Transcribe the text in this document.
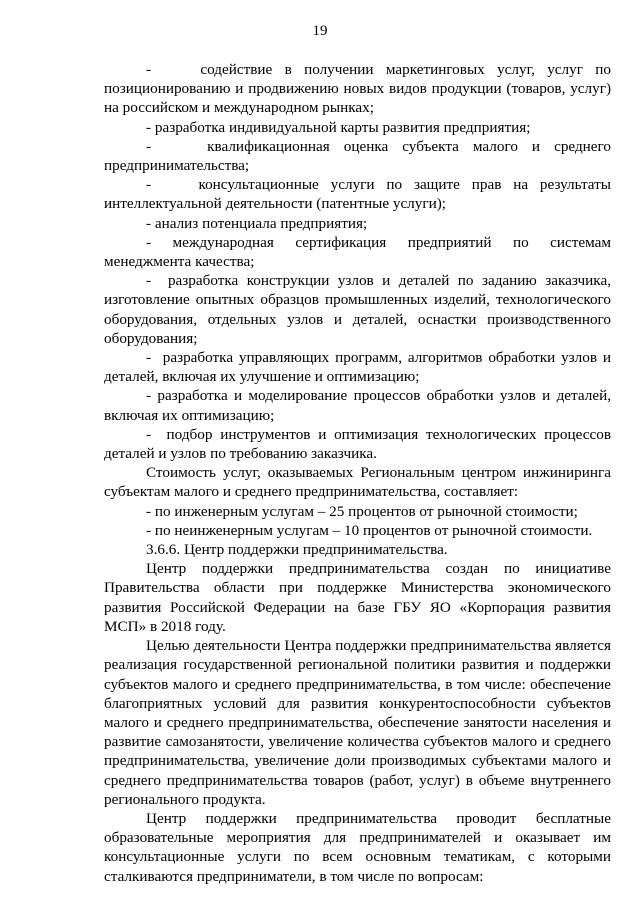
19

-    содействие в получении маркетинговых услуг, услуг по позиционированию и продвижению новых видов продукции (товаров, услуг) на российском и международном рынках;

- разработка индивидуальной карты развития предприятия;

-    квалификационная оценка субъекта малого и среднего предпринимательства;

-    консультационные услуги по защите прав на результаты интеллектуальной деятельности (патентные услуги);

- анализ потенциала предприятия;

- международная сертификация предприятий по системам менеджмента качества;

-  разработка конструкции узлов и деталей по заданию заказчика, изготовление опытных образцов промышленных изделий, технологического оборудования, отдельных узлов и деталей, оснастки производственного оборудования;

-  разработка управляющих программ, алгоритмов обработки узлов и деталей, включая их улучшение и оптимизацию;

- разработка и моделирование процессов обработки узлов и деталей, включая их оптимизацию;

-  подбор инструментов и оптимизация технологических процессов деталей и узлов по требованию заказчика.

Стоимость услуг, оказываемых Региональным центром инжиниринга субъектам малого и среднего предпринимательства, составляет:

- по инженерным услугам – 25 процентов от рыночной стоимости;

- по неинженерным услугам – 10 процентов от рыночной стоимости.

3.6.6. Центр поддержки предпринимательства.

Центр поддержки предпринимательства создан по инициативе Правительства области при поддержке Министерства экономического развития Российской Федерации на базе ГБУ ЯО «Корпорация развития МСП» в 2018 году.

Целью деятельности Центра поддержки предпринимательства является реализация государственной региональной политики развития и поддержки субъектов малого и среднего предпринимательства, в том числе: обеспечение благоприятных условий для развития конкурентоспособности субъектов малого и среднего предпринимательства, обеспечение занятости населения и развитие самозанятости, увеличение количества субъектов малого и среднего предпринимательства, увеличение доли производимых субъектами малого и среднего предпринимательства товаров (работ, услуг) в объеме внутреннего регионального продукта.

Центр поддержки предпринимательства проводит бесплатные образовательные мероприятия для предпринимателей и оказывает им консультационные услуги по всем основным тематикам, с которыми сталкиваются предприниматели, в том числе по вопросам:
